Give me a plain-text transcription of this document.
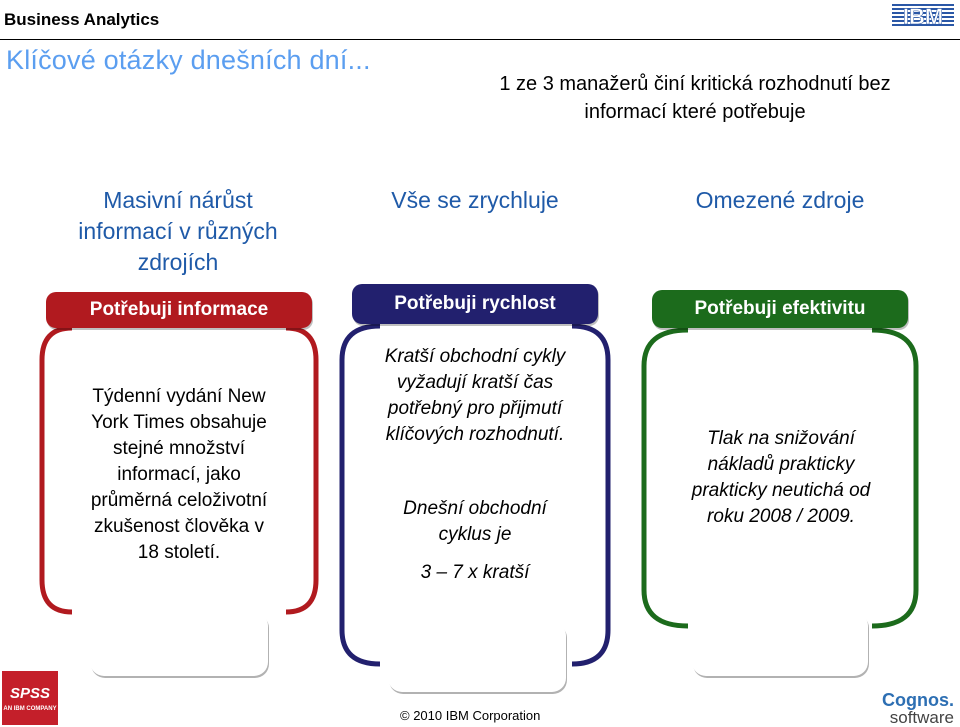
Business Analytics	IBM
Klíčové otázky dnešních dní...
1 ze 3 manažerů činí kritická rozhodnutí bez
informací které potřebuje
Masivní nárůst
informací v různých
zdrojích
Potřebuji informace
Týdenní vydání New
York Times obsahuje
stejné množství
informací, jako
průměrná celoživotní
zkušenost člověka v
18 století.
Inteligence
Vše se zrychluje
Potřebuji rychlost
Kratší obchodní cykly
vyžadují kratší čas
potřebný pro přijmutí
klíčových rozhodnutí.
Dnešní obchodní
cyklus je
3 – 7 x kratší
Flexibilita
Omezené zdroje
Potřebuji efektivitu
Tlak na snižování
nákladů prakticky
prakticky neutichá od
roku 2008 / 2009.
Návratnost
investic
SPSS
AN IBM COMPANY	© 2010 IBM Corporation
Cognos.
software
